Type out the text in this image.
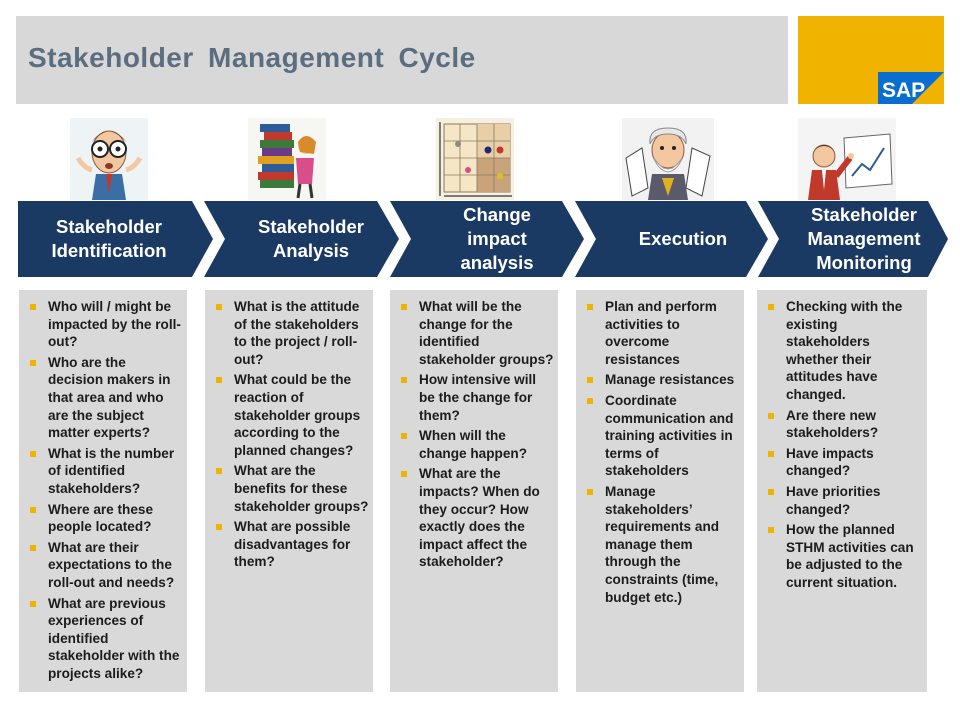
Stakeholder Management Cycle
SAP
Stakeholder
Identification
Stakeholder
Analysis
Change
impact
analysis
Execution
Stakeholder
Management
Monitoring
Who will / might be impacted by the roll-out?
Who are the decision makers in that area and who are the subject matter experts?
What is the number of identified stakeholders?
Where are these people located?
What are their expectations to the roll-out and needs?
What are previous experiences of identified stakeholder with the projects alike?
What is the attitude of the stakeholders to the project / roll-out?
What could be the reaction of stakeholder groups according to the planned changes?
What are the benefits for these stakeholder groups?
What are possible disadvantages for them?
What will be the change for the identified stakeholder groups?
How intensive will be the change for them?
When will the change happen?
What are the impacts? When do they occur? How exactly does the impact affect the stakeholder?
Plan and perform activities to overcome resistances
Manage resistances
Coordinate communication and training activities in terms of stakeholders
Manage stakeholders’ requirements and manage them through the constraints (time, budget etc.)
Checking with the existing stakeholders whether their attitudes have changed.
Are there new stakeholders?
Have impacts changed?
Have priorities changed?
How the planned STHM activities can be adjusted to the current situation.
